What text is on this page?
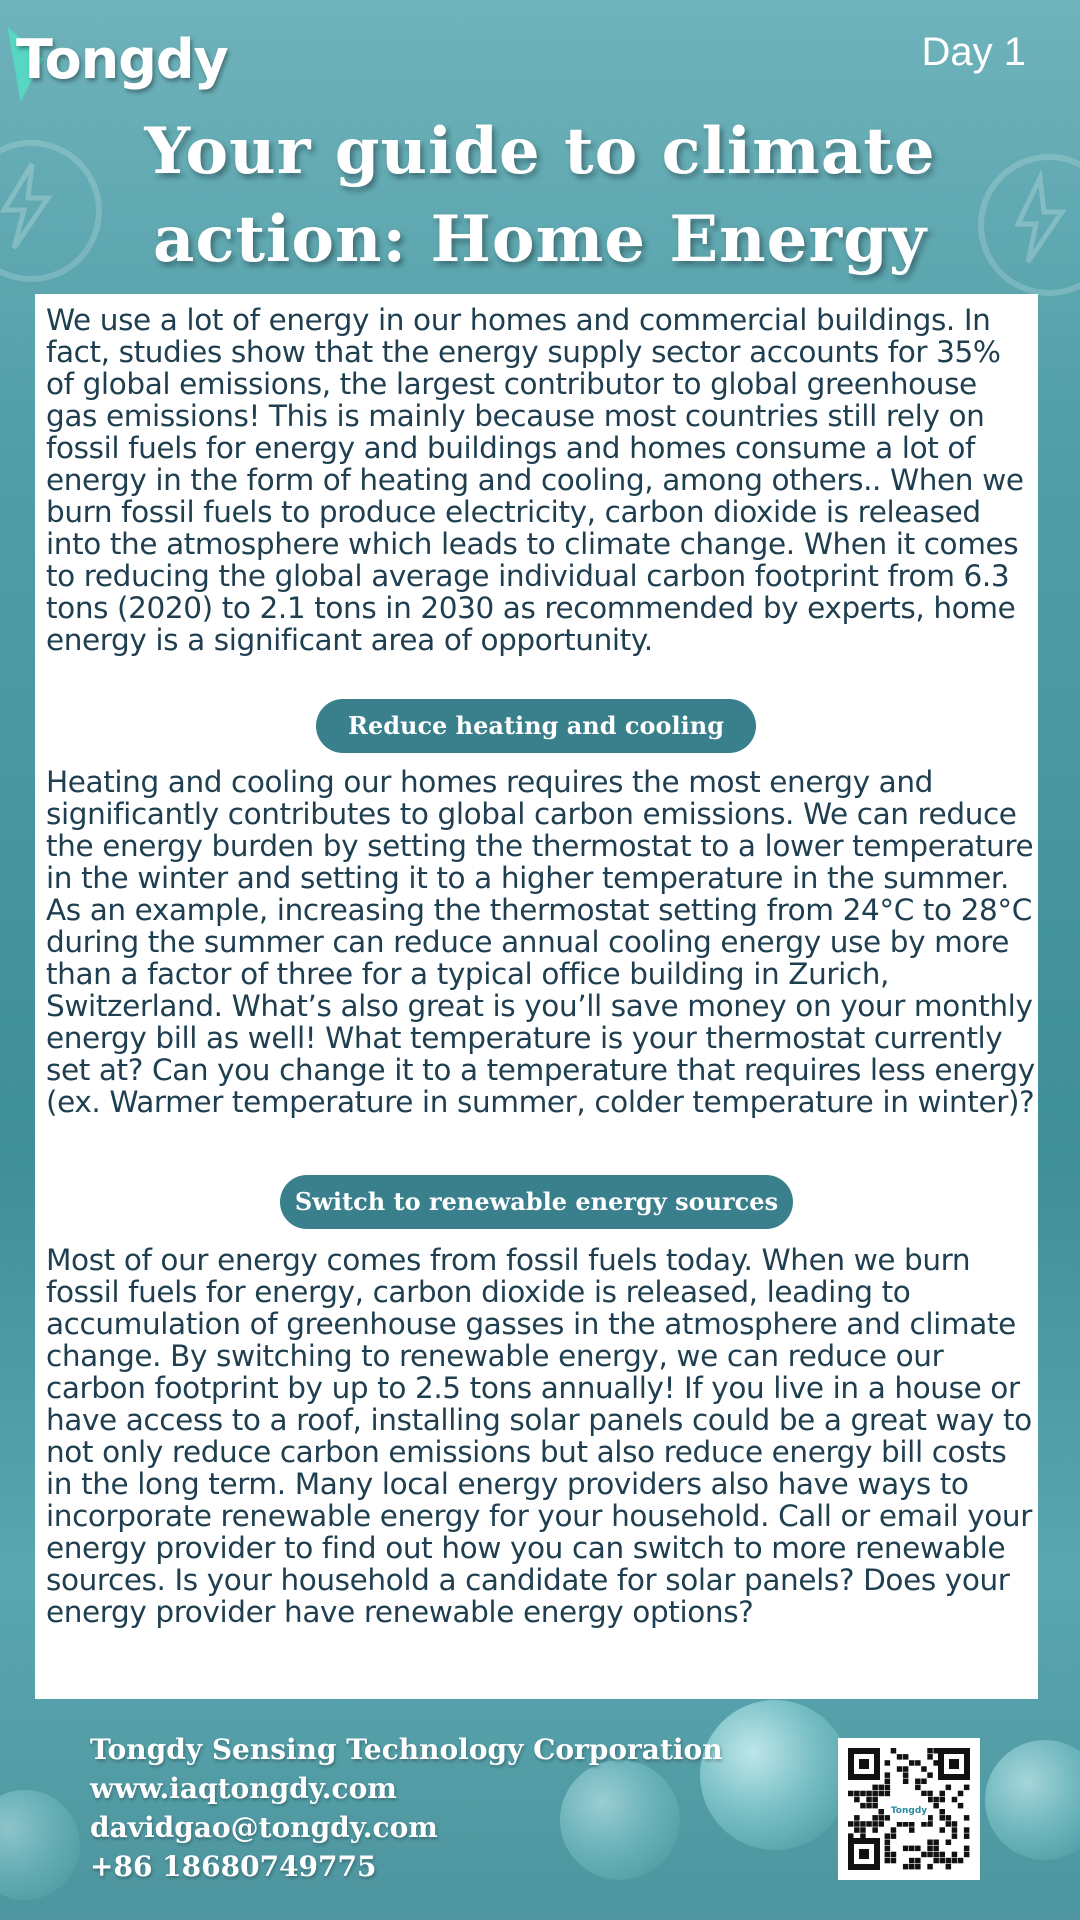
Tongdy	Day 1
Your guide to climate
action: Home Energy
We use a lot of energy in our homes and commercial buildings. In fact, studies show that the energy supply sector accounts for 35% of global emissions, the largest contributor to global greenhouse gas emissions! This is mainly because most countries still rely on fossil fuels for energy and buildings and homes consume a lot of energy in the form of heating and cooling, among others.. When we burn fossil fuels to produce electricity, carbon dioxide is released into the atmosphere which leads to climate change. When it comes to reducing the global average individual carbon footprint from 6.3 tons (2020) to 2.1 tons in 2030 as recommended by experts, home energy is a significant area of opportunity.
Reduce heating and cooling
Heating and cooling our homes requires the most energy and significantly contributes to global carbon emissions. We can reduce the energy burden by setting the thermostat to a lower temperature in the winter and setting it to a higher temperature in the summer. As an example, increasing the thermostat setting from 24°C to 28°C during the summer can reduce annual cooling energy use by more than a factor of three for a typical office building in Zurich, Switzerland. What’s also great is you’ll save money on your monthly energy bill as well! What temperature is your thermostat currently set at? Can you change it to a temperature that requires less energy (ex. Warmer temperature in summer, colder temperature in winter)?
Switch to renewable energy sources
Most of our energy comes from fossil fuels today. When we burn fossil fuels for energy, carbon dioxide is released, leading to accumulation of greenhouse gasses in the atmosphere and climate change. By switching to renewable energy, we can reduce our carbon footprint by up to 2.5 tons annually! If you live in a house or have access to a roof, installing solar panels could be a great way to not only reduce carbon emissions but also reduce energy bill costs in the long term. Many local energy providers also have ways to incorporate renewable energy for your household. Call or email your energy provider to find out how you can switch to more renewable sources. Is your household a candidate for solar panels? Does your energy provider have renewable energy options?
Tongdy Sensing Technology Corporation
www.iaqtongdy.com
davidgao@tongdy.com
+86 18680749775
Tongdy
